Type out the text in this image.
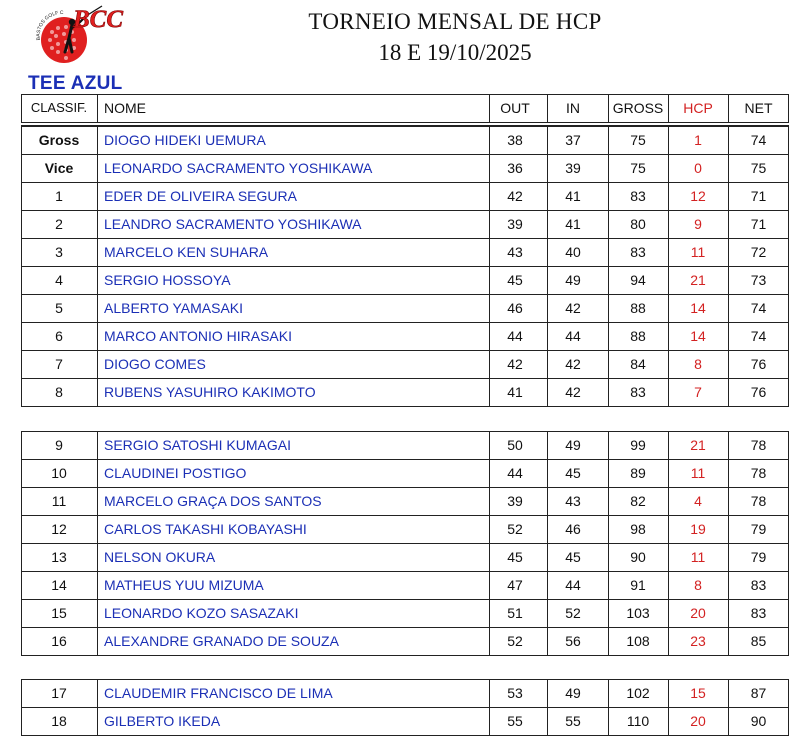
BASTOS GOLF C BCC	TORNEIO MENSAL DE HCP
18 E 19/10/2025
TEE AZUL
CLASSIF.	NOME	OUT	IN	GROSS	HCP	NET
Gross	DIOGO HIDEKI UEMURA	38	37	75	1	74
Vice	LEONARDO SACRAMENTO YOSHIKAWA	36	39	75	0	75
1	EDER DE OLIVEIRA SEGURA	42	41	83	12	71
2	LEANDRO SACRAMENTO YOSHIKAWA	39	41	80	9	71
3	MARCELO KEN SUHARA	43	40	83	11	72
4	SERGIO HOSSOYA	45	49	94	21	73
5	ALBERTO YAMASAKI	46	42	88	14	74
6	MARCO ANTONIO HIRASAKI	44	44	88	14	74
7	DIOGO COMES	42	42	84	8	76
8	RUBENS YASUHIRO KAKIMOTO	41	42	83	7	76
9	SERGIO SATOSHI KUMAGAI	50	49	99	21	78
10	CLAUDINEI POSTIGO	44	45	89	11	78
11	MARCELO GRAÇA DOS SANTOS	39	43	82	4	78
12	CARLOS TAKASHI KOBAYASHI	52	46	98	19	79
13	NELSON OKURA	45	45	90	11	79
14	MATHEUS YUU MIZUMA	47	44	91	8	83
15	LEONARDO KOZO SASAZAKI	51	52	103	20	83
16	ALEXANDRE GRANADO DE SOUZA	52	56	108	23	85
17	CLAUDEMIR FRANCISCO DE LIMA	53	49	102	15	87
18	GILBERTO IKEDA	55	55	110	20	90
